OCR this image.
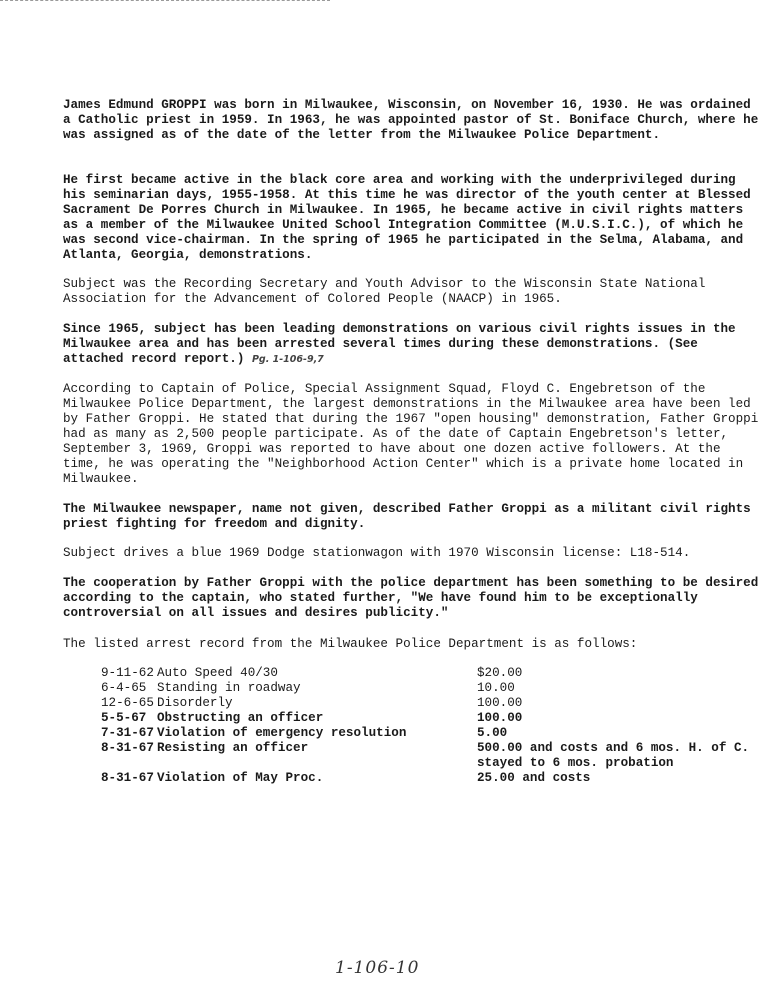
James Edmund GROPPI was born in Milwaukee, Wisconsin, on November 16, 1930. He was ordained a Catholic priest in 1959. In 1963, he was appointed pastor of St. Boniface Church, where he was assigned as of the date of the letter from the Milwaukee Police Department.

He first became active in the black core area and working with the underprivileged during his seminarian days, 1955-1958. At this time he was director of the youth center at Blessed Sacrament De Porres Church in Milwaukee. In 1965, he became active in civil rights matters as a member of the Milwaukee United School Integration Committee (M.U.S.I.C.), of which he was second vice-chairman. In the spring of 1965 he participated in the Selma, Alabama, and Atlanta, Georgia, demonstrations.

Subject was the Recording Secretary and Youth Advisor to the Wisconsin State National Association for the Advancement of Colored People (NAACP) in 1965.

Since 1965, subject has been leading demonstrations on various civil rights issues in the Milwaukee area and has been arrested several times during these demonstrations. (See attached record report.) Pg. 1-106-9,7

According to Captain of Police, Special Assignment Squad, Floyd C. Engebretson of the Milwaukee Police Department, the largest demonstrations in the Milwaukee area have been led by Father Groppi. He stated that during the 1967 "open housing" demonstration, Father Groppi had as many as 2,500 people participate. As of the date of Captain Engebretson's letter, September 3, 1969, Groppi was reported to have about one dozen active followers. At the time, he was operating the "Neighborhood Action Center" which is a private home located in Milwaukee.

The Milwaukee newspaper, name not given, described Father Groppi as a militant civil rights priest fighting for freedom and dignity.

Subject drives a blue 1969 Dodge stationwagon with 1970 Wisconsin license: L18-514.

The cooperation by Father Groppi with the police department has been something to be desired according to the captain, who stated further, "We have found him to be exceptionally controversial on all issues and desires publicity."

The listed arrest record from the Milwaukee Police Department is as follows:

9-11-62 Auto Speed 40/30	$20.00
6-4-65 Standing in roadway	10.00
12-6-65 Disorderly	100.00
5-5-67 Obstructing an officer	100.00
7-31-67 Violation of emergency resolution	5.00
8-31-67 Resisting an officer	500.00 and costs and 6 mos. H. of C. stayed to 6 mos. probation
8-31-67 Violation of May Proc.	25.00 and costs
1-106-10
